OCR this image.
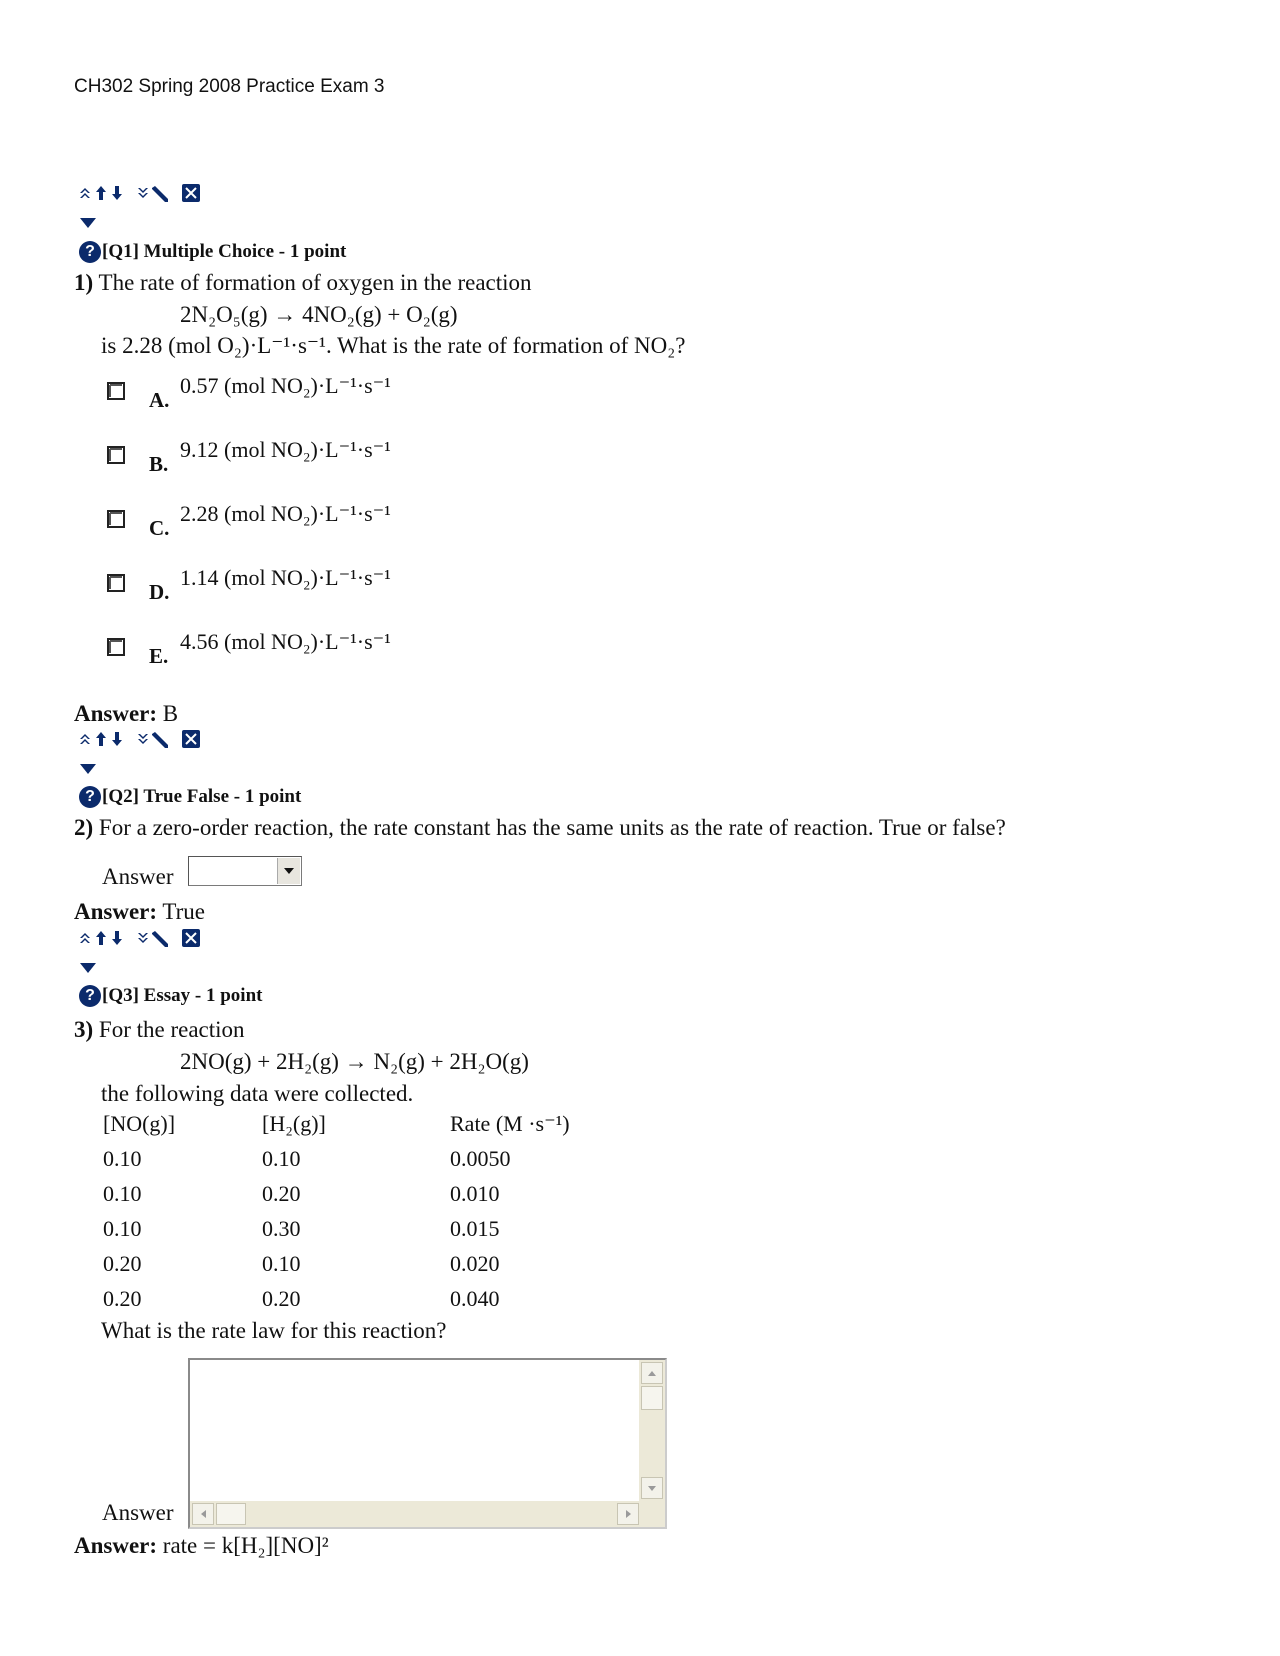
CH302 Spring 2008 Practice Exam 3
? [Q1] Multiple Choice - 1 point
1) The rate of formation of oxygen in the reaction
2N₂O₅(g) → 4NO₂(g) + O₂(g)
is 2.28 (mol O₂)·L⁻¹·s⁻¹. What is the rate of formation of NO₂?
A.
0.57 (mol NO₂)·L⁻¹·s⁻¹
B.
9.12 (mol NO₂)·L⁻¹·s⁻¹
C.
2.28 (mol NO₂)·L⁻¹·s⁻¹
D.
1.14 (mol NO₂)·L⁻¹·s⁻¹
E.
4.56 (mol NO₂)·L⁻¹·s⁻¹
Answer: B
? [Q2] True False - 1 point
2) For a zero-order reaction, the rate constant has the same units as the rate of reaction. True or false?
Answer
Answer: True
? [Q3] Essay - 1 point
3) For the reaction
2NO(g) + 2H₂(g) → N₂(g) + 2H₂O(g)
the following data were collected.
[NO(g)]	[H₂(g)]	Rate (M ·s⁻¹)
0.10	0.10	0.0050
0.10	0.20	0.010
0.10	0.30	0.015
0.20	0.10	0.020
0.20	0.20	0.040
What is the rate law for this reaction?
Answer
Answer: rate = k[H₂][NO]²
